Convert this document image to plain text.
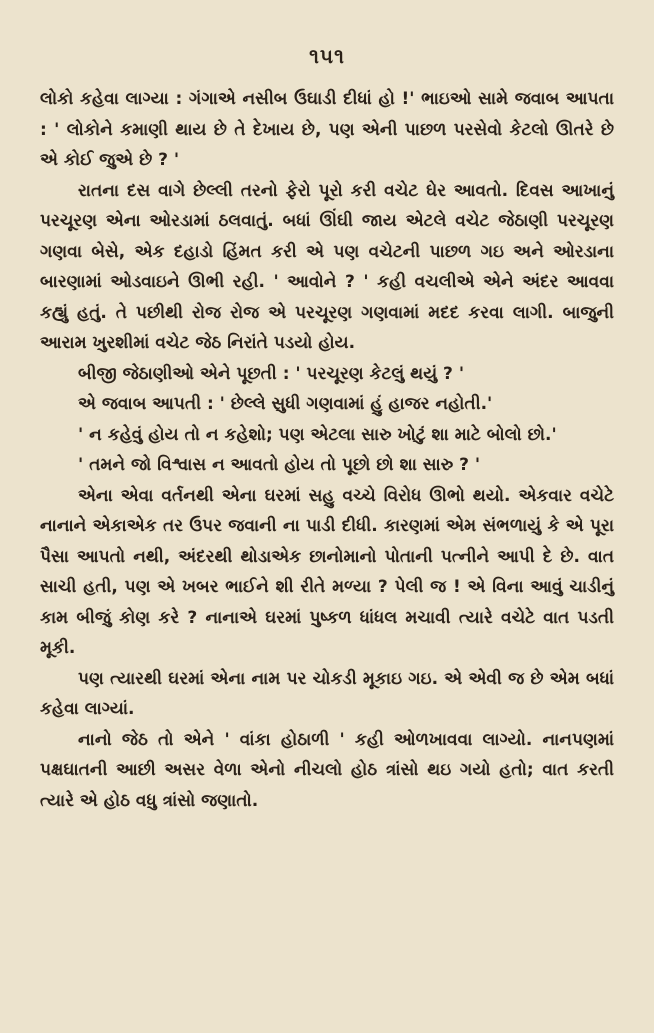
૧૫૧

લોકો કહેવા લાગ્યા : ગંગાએ નસીબ ઉઘાડી દીધાં હો !' ભાઇઓ સામે જવાબ આપતા : ' લોકોને કમાણી થાય છે તે દેખાય છે, પણ એની પાછળ પરસેવો કેટલો ઊતરે છે એ કોઈ જુએ છે ? '

રાતના દસ વાગે છેલ્લી તરનો ફેરો પૂરો કરી વચેટ ઘેર આવતો. દિવસ આખાનું પરચૂરણ એના ઓરડામાં ઠલવાતું. બધાં ઊંઘી જાય એટલે વચેટ જેઠાણી પરચૂરણ ગણવા બેસે, એક દહાડો હિંમત કરી એ પણ વચેટની પાછળ ગઇ અને ઓરડાના બારણામાં ઓડવાઇને ઊભી રહી. ' આવોને ? ' કહી વચલીએ એને અંદર આવવા કહ્યું હતું. તે પછીથી રોજ રોજ એ પરચૂરણ ગણવામાં મદદ કરવા લાગી. બાજુની આરામ ખુરશીમાં વચેટ જેઠ નિરાંતે પડયો હોય.

બીજી જેઠાણીઓ એને પૂછતી : ' પરચૂરણ કેટલું થયું ? '

એ જવાબ આપતી : ' છેલ્લે સુધી ગણવામાં હું હાજર નહોતી.'

' ન કહેવું હોય તો ન કહેશો; પણ એટલા સારુ ખોટું શા માટે બોલો છો.'

' તમને જો વિશ્વાસ ન આવતો હોય તો પૂછો છો શા સારુ ? '

એના એવા વર્તનથી એના ઘરમાં સહુ વચ્ચે વિરોધ ઊભો થયો. એકવાર વચેટે નાનાને એકાએક તર ઉપર જવાની ના પાડી દીધી. કારણમાં એમ સંભળાયું કે એ પૂરા પૈસા આપતો નથી, અંદરથી થોડાએક છાનોમાનો પોતાની પત્નીને આપી દે છે. વાત સાચી હતી, પણ એ ખબર ભાઈને શી રીતે મળ્યા ? પેલી જ ! એ વિના આવું ચાડીનું કામ બીજું કોણ કરે ? નાનાએ ઘરમાં પુષ્કળ ધાંધલ મચાવી ત્યારે વચેટે વાત પડતી મૂકી.

પણ ત્યારથી ઘરમાં એના નામ પર ચોકડી મૂકાઇ ગઇ. એ એવી જ છે એમ બધાં કહેવા લાગ્યાં.

નાનો જેઠ તો એને ' વાંકા હોઠાળી ' કહી ઓળખાવવા લાગ્યો. નાનપણમાં પક્ષઘાતની આછી અસર વેળા એનો નીચલો હોઠ ત્રાંસો થઇ ગયો હતો; વાત કરતી ત્યારે એ હોઠ વધુ ત્રાંસો જણાતો.
